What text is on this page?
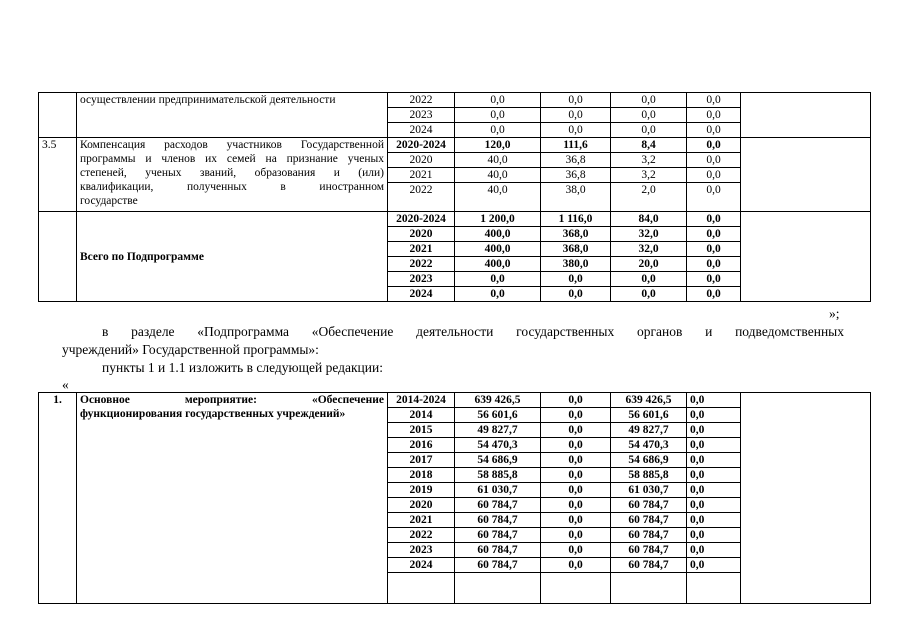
	осуществлении предпринимательской деятельности	2022	0,0	0,0	0,0	0,0	
		2023	0,0	0,0	0,0	0,0	
		2024	0,0	0,0	0,0	0,0	
3.5	Компенсация расходов участников Государственной
программы и членов их семей на признание ученых
степеней, ученых званий, образования и (или)
квалификации, полученных в иностранном
государстве	2020-2024	120,0	111,6	8,4	0,0	
		2020	40,0	36,8	3,2	0,0	
		2021	40,0	36,8	3,2	0,0	
		2022	40,0	38,0	2,0	0,0	
	Всего по Подпрограмме	2020-2024	1 200,0	1 116,0	84,0	0,0	
		2020	400,0	368,0	32,0	0,0	
		2021	400,0	368,0	32,0	0,0	
		2022	400,0	380,0	20,0	0,0	
		2023	0,0	0,0	0,0	0,0	
		2024	0,0	0,0	0,0	0,0	
»;
в разделе «Подпрограмма «Обеспечение деятельности государственных органов и подведомственных
учреждений» Государственной программы»:
пункты 1 и 1.1 изложить в следующей редакции:
«
1.	Основное мероприятие: «Обеспечение
функционирования государственных учреждений»	2014-2024	639 426,5	0,0	639 426,5	0,0	
		2014	56 601,6	0,0	56 601,6	0,0	
		2015	49 827,7	0,0	49 827,7	0,0	
		2016	54 470,3	0,0	54 470,3	0,0	
		2017	54 686,9	0,0	54 686,9	0,0	
		2018	58 885,8	0,0	58 885,8	0,0	
		2019	61 030,7	0,0	61 030,7	0,0	
		2020	60 784,7	0,0	60 784,7	0,0	
		2021	60 784,7	0,0	60 784,7	0,0	
		2022	60 784,7	0,0	60 784,7	0,0	
		2023	60 784,7	0,0	60 784,7	0,0	
		2024	60 784,7	0,0	60 784,7	0,0	
